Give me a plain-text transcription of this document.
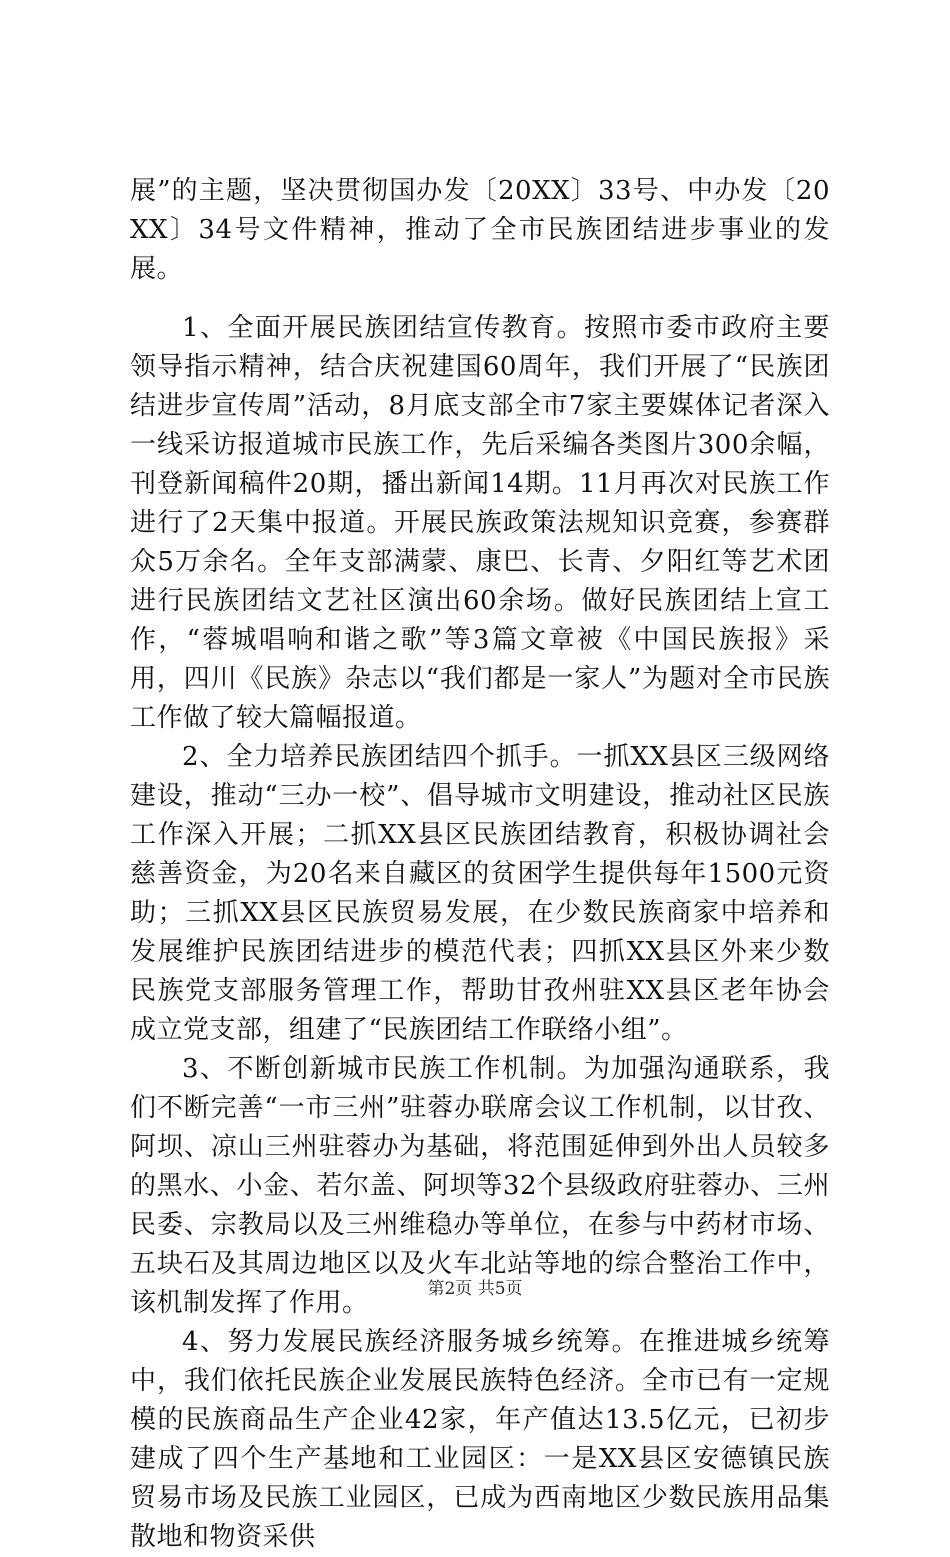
展”的主题，坚决贯彻国办发〔20XX〕33号、中办发〔20XX〕34号文件精神，推动了全市民族团结进步事业的发展。

1、全面开展民族团结宣传教育。按照市委市政府主要领导指示精神，结合庆祝建国60周年，我们开展了“民族团结进步宣传周”活动，8月底支部全市7家主要媒体记者深入一线采访报道城市民族工作，先后采编各类图片300余幅，刊登新闻稿件20期，播出新闻14期。11月再次对民族工作进行了2天集中报道。开展民族政策法规知识竞赛，参赛群众5万余名。全年支部满蒙、康巴、长青、夕阳红等艺术团进行民族团结文艺社区演出60余场。做好民族团结上宣工作，“蓉城唱响和谐之歌”等3篇文章被《中国民族报》采用，四川《民族》杂志以“我们都是一家人”为题对全市民族工作做了较大篇幅报道。

2、全力培养民族团结四个抓手。一抓XX县区三级网络建设，推动“三办一校”、倡导城市文明建设，推动社区民族工作深入开展；二抓XX县区民族团结教育，积极协调社会慈善资金，为20名来自藏区的贫困学生提供每年1500元资助；三抓XX县区民族贸易发展，在少数民族商家中培养和发展维护民族团结进步的模范代表；四抓XX县区外来少数民族党支部服务管理工作，帮助甘孜州驻XX县区老年协会成立党支部，组建了“民族团结工作联络小组”。

3、不断创新城市民族工作机制。为加强沟通联系，我们不断完善“一市三州”驻蓉办联席会议工作机制，以甘孜、阿坝、凉山三州驻蓉办为基础，将范围延伸到外出人员较多的黑水、小金、若尔盖、阿坝等32个县级政府驻蓉办、三州民委、宗教局以及三州维稳办等单位，在参与中药材市场、五块石及其周边地区以及火车北站等地的综合整治工作中，该机制发挥了作用。

4、努力发展民族经济服务城乡统筹。在推进城乡统筹中，我们依托民族企业发展民族特色经济。全市已有一定规模的民族商品生产企业42家，年产值达13.5亿元，已初步建成了四个生产基地和工业园区：一是XX县区安德镇民族贸易市场及民族工业园区，已成为西南地区少数民族用品集散地和物资采供

第2页 共5页
